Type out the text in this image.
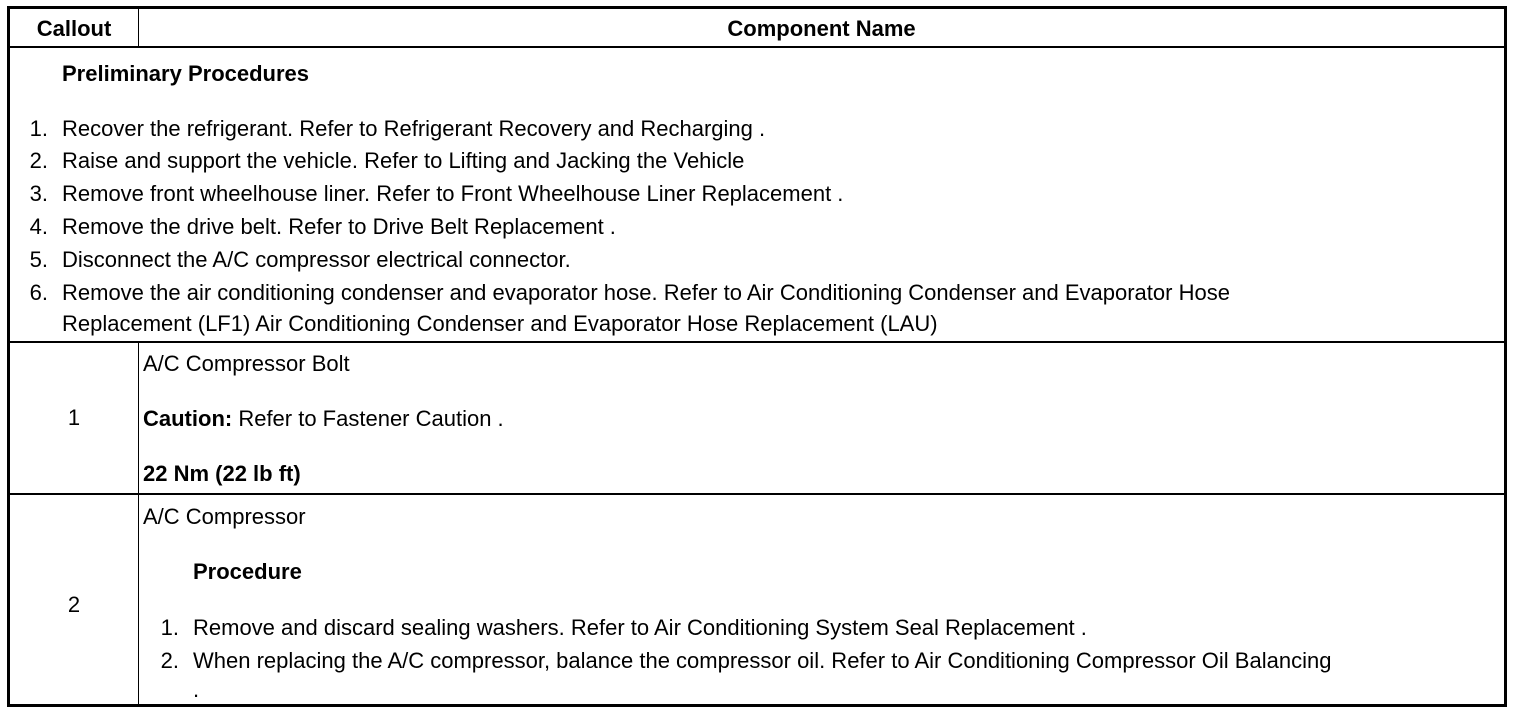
Callout	Component Name
Preliminary Procedures
1. Recover the refrigerant. Refer to Refrigerant Recovery and Recharging .
2. Raise and support the vehicle. Refer to Lifting and Jacking the Vehicle
3. Remove front wheelhouse liner. Refer to Front Wheelhouse Liner Replacement .
4. Remove the drive belt. Refer to Drive Belt Replacement .
5. Disconnect the A/C compressor electrical connector.
6. Remove the air conditioning condenser and evaporator hose. Refer to Air Conditioning Condenser and Evaporator Hose
Replacement (LF1) Air Conditioning Condenser and Evaporator Hose Replacement (LAU)
1
A/C Compressor Bolt
Caution: Refer to Fastener Caution .
22 Nm (22 lb ft)
2
A/C Compressor
Procedure
1. Remove and discard sealing washers. Refer to Air Conditioning System Seal Replacement .
2. When replacing the A/C compressor, balance the compressor oil. Refer to Air Conditioning Compressor Oil Balancing
.
